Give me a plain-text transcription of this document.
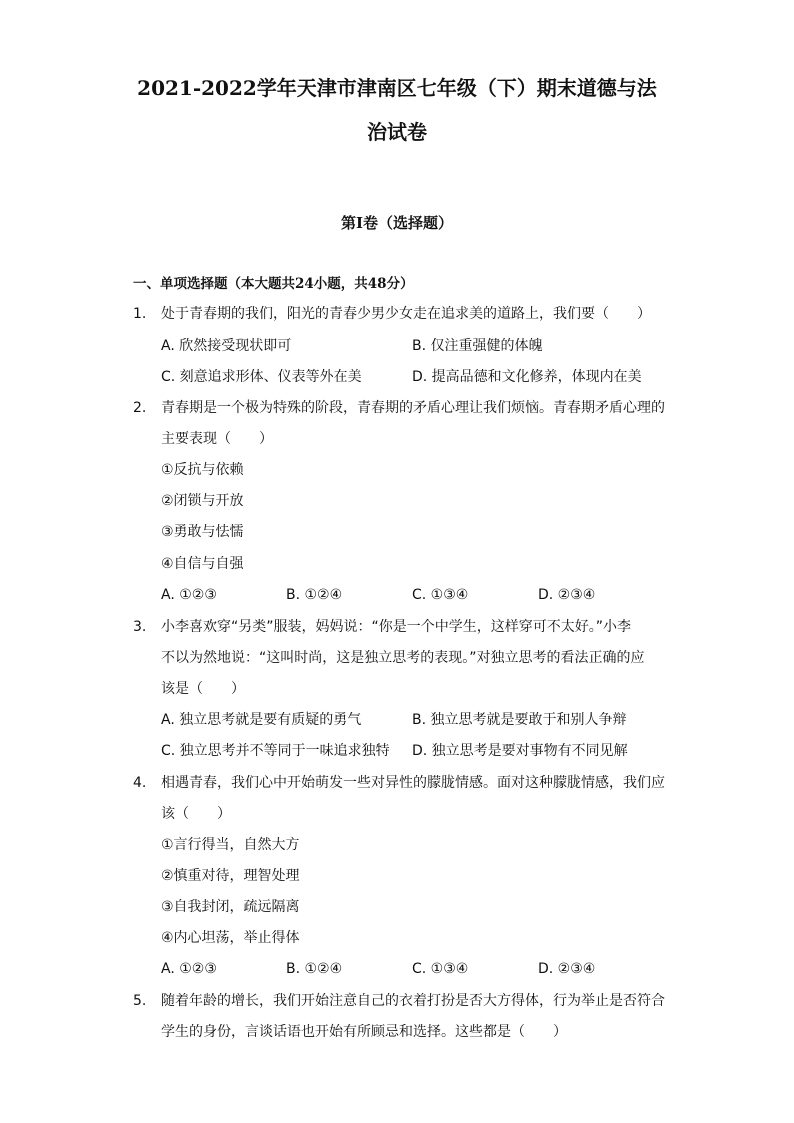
2021-2022学年天津市津南区七年级（下）期末道德与法
治试卷
第I卷（选择题）
一、单项选择题（本大题共24小题，共48分）
1. 处于青春期的我们，阳光的青春少男少女走在追求美的道路上，我们要（　　）
A. 欣然接受现状即可	B. 仅注重强健的体魄
C. 刻意追求形体、仪表等外在美	D. 提高品德和文化修养，体现内在美
2. 青春期是一个极为特殊的阶段，青春期的矛盾心理让我们烦恼。青春期矛盾心理的
主要表现（　　）
①反抗与依赖
②闭锁与开放
③勇敢与怯懦
④自信与自强
A. ①②③	B. ①②④	C. ①③④	D. ②③④
3. 小李喜欢穿“另类”服装，妈妈说：“你是一个中学生，这样穿可不太好。”小李
不以为然地说：“这叫时尚，这是独立思考的表现。”对独立思考的看法正确的应
该是（　　）
A. 独立思考就是要有质疑的勇气	B. 独立思考就是要敢于和别人争辩
C. 独立思考并不等同于一味追求独特 D. 独立思考是要对事物有不同见解
4. 相遇青春，我们心中开始萌发一些对异性的朦胧情感。面对这种朦胧情感，我们应
该（　　）
①言行得当，自然大方
②慎重对待，理智处理
③自我封闭，疏远隔离
④内心坦荡，举止得体
A. ①②③	B. ①②④	C. ①③④	D. ②③④
5. 随着年龄的增长，我们开始注意自己的衣着打扮是否大方得体，行为举止是否符合
学生的身份，言谈话语也开始有所顾忌和选择。这些都是（　　）
